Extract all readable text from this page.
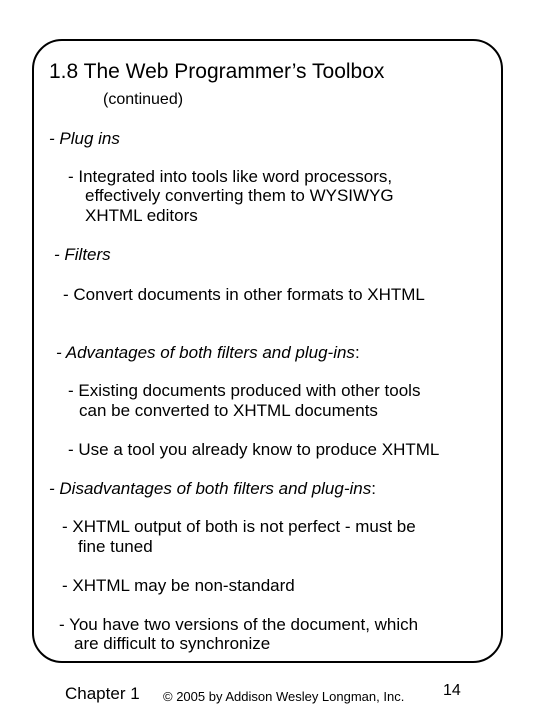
1.8 The Web Programmer’s Toolbox
(continued)
- Plug ins
- Integrated into tools like word processors,
effectively converting them to WYSIWYG
XHTML editors
- Filters
- Convert documents in other formats to XHTML
- Advantages of both filters and plug-ins:
- Existing documents produced with other tools
can be converted to XHTML documents
- Use a tool you already know to produce XHTML
- Disadvantages of both filters and plug-ins:
- XHTML output of both is not perfect - must be
fine tuned
- XHTML may be non-standard
- You have two versions of the document, which
are difficult to synchronize
Chapter 1 © 2005 by Addison Wesley Longman, Inc. 14
